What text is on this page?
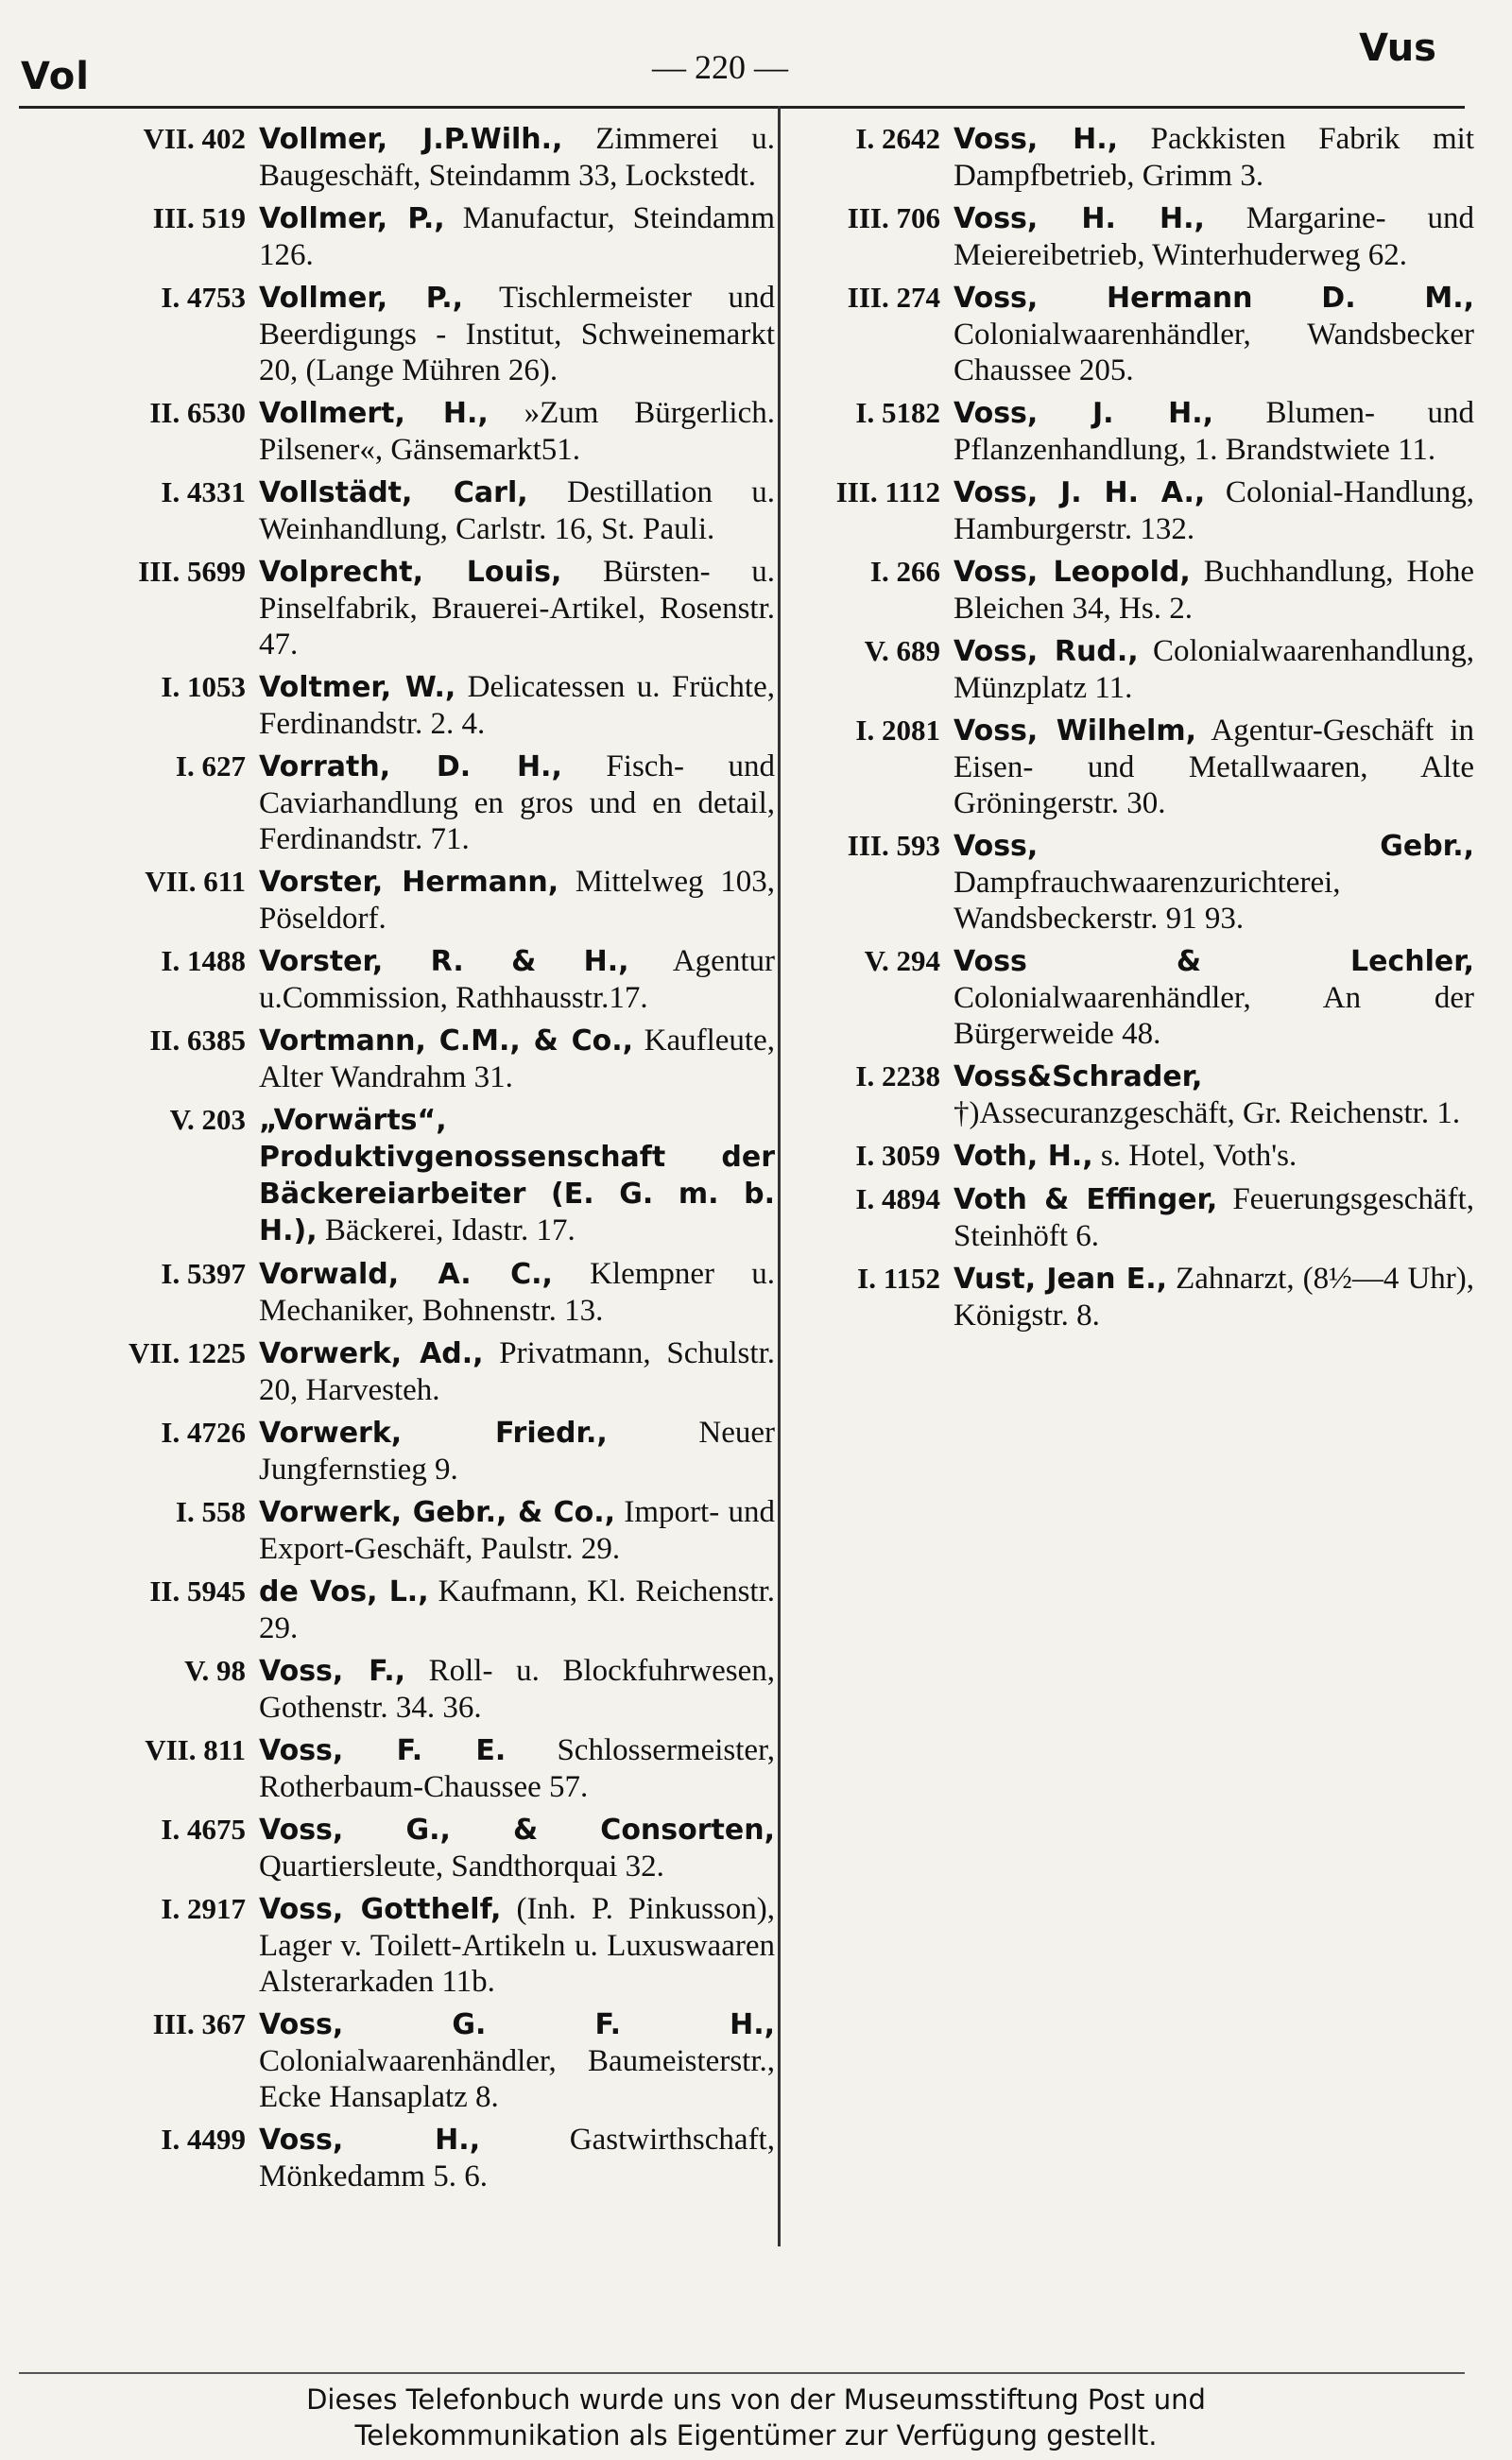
Vol	— 220 —	Vus
VII. 402 Vollmer, J.P.Wilh., Zimmerei u. Baugeschäft, Steindamm 33, Lockstedt.
III. 519 Vollmer, P., Manufactur, Steindamm 126.
I. 4753 Vollmer, P., Tischlermeister und Beerdigungs - Institut, Schweinemarkt 20, (Lange Mühren 26).
II. 6530 Vollmert, H., »Zum Bürgerlich. Pilsener«, Gänsemarkt51.
I. 4331 Vollstädt, Carl, Destillation u. Weinhandlung, Carlstr. 16, St. Pauli.
III. 5699 Volprecht, Louis, Bürsten- u. Pinselfabrik, Brauerei-Artikel, Rosenstr. 47.
I. 1053 Voltmer, W., Delicatessen u. Früchte, Ferdinandstr. 2. 4.
I. 627 Vorrath, D. H., Fisch- und Caviarhandlung en gros und en detail, Ferdinandstr. 71.
VII. 611 Vorster, Hermann, Mittelweg 103, Pöseldorf.
I. 1488 Vorster, R. & H., Agentur u.Commission, Rathhausstr.17.
II. 6385 Vortmann, C.M., & Co., Kaufleute, Alter Wandrahm 31.
V. 203 „Vorwärts“, Produktivgenossenschaft der Bäckereiarbeiter (E. G. m. b. H.), Bäckerei, Idastr. 17.
I. 5397 Vorwald, A. C., Klempner u. Mechaniker, Bohnenstr. 13.
VII. 1225 Vorwerk, Ad., Privatmann, Schulstr. 20, Harvesteh.
I. 4726 Vorwerk, Friedr., Neuer Jungfernstieg 9.
I. 558 Vorwerk, Gebr., & Co., Import- und Export-Geschäft, Paulstr. 29.
II. 5945 de Vos, L., Kaufmann, Kl. Reichenstr. 29.
V. 98 Voss, F., Roll- u. Blockfuhrwesen, Gothenstr. 34. 36.
VII. 811 Voss, F. E. Schlossermeister, Rotherbaum-Chaussee 57.
I. 4675 Voss, G., & Consorten, Quartiersleute, Sandthorquai 32.
I. 2917 Voss, Gotthelf, (Inh. P. Pinkusson), Lager v. Toilett-Artikeln u. Luxuswaaren Alsterarkaden 11b.
III. 367 Voss, G. F. H., Colonialwaarenhändler, Baumeisterstr., Ecke Hansaplatz 8.
I. 4499 Voss, H., Gastwirthschaft, Mönkedamm 5. 6.
I. 2642 Voss, H., Packkisten Fabrik mit Dampfbetrieb, Grimm 3.
III. 706 Voss, H. H., Margarine- und Meiereibetrieb, Winterhuderweg 62.
III. 274 Voss, Hermann D. M., Colonialwaarenhändler, Wandsbecker Chaussee 205.
I. 5182 Voss, J. H., Blumen- und Pflanzenhandlung, 1. Brandstwiete 11.
III. 1112 Voss, J. H. A., Colonial-Handlung, Hamburgerstr. 132.
I. 266 Voss, Leopold, Buchhandlung, Hohe Bleichen 34, Hs. 2.
V. 689 Voss, Rud., Colonialwaarenhandlung, Münzplatz 11.
I. 2081 Voss, Wilhelm, Agentur-Geschäft in Eisen- und Metallwaaren, Alte Gröningerstr. 30.
III. 593 Voss, Gebr., Dampfrauchwaarenzurichterei, Wandsbeckerstr. 91 93.
V. 294 Voss & Lechler, Colonialwaarenhändler, An der Bürgerweide 48.
I. 2238 Voss&Schrader, †)Assecuranzgeschäft, Gr. Reichenstr. 1.
I. 3059 Voth, H., s. Hotel, Voth's.
I. 4894 Voth & Effinger, Feuerungsgeschäft, Steinhöft 6.
I. 1152 Vust, Jean E., Zahnarzt, (8½—4 Uhr), Königstr. 8.
Dieses Telefonbuch wurde uns von der Museumsstiftung Post und
Telekommunikation als Eigentümer zur Verfügung gestellt.
